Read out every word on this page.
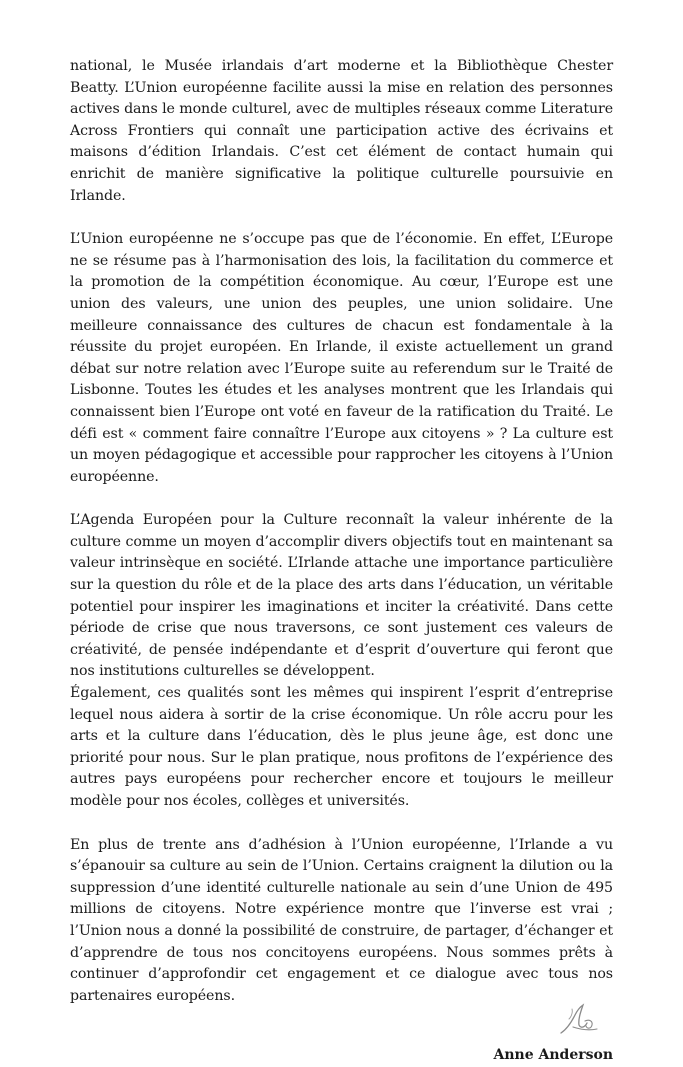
national, le Musée irlandais d’art moderne et la Bibliothèque Chester Beatty. L’Union européenne facilite aussi la mise en relation des personnes actives dans le monde culturel, avec de multiples réseaux comme Literature Across Frontiers qui connaît une participation active des écrivains et maisons d’édition Irlandais. C’est cet élément de contact humain qui enrichit de manière significative la politique culturelle poursuivie en Irlande.

L’Union européenne ne s’occupe pas que de l’économie. En effet, L’Europe ne se résume pas à l’harmonisation des lois, la facilitation du commerce et la promotion de la compétition économique. Au cœur, l’Europe est une union des valeurs, une union des peuples, une union solidaire. Une meilleure connaissance des cultures de chacun est fondamentale à la réussite du projet européen. En Irlande, il existe actuellement un grand débat sur notre relation avec l’Europe suite au referendum sur le Traité de Lisbonne. Toutes les études et les analyses montrent que les Irlandais qui connaissent bien l’Europe ont voté en faveur de la ratification du Traité. Le défi est « comment faire connaître l’Europe aux citoyens » ? La culture est un moyen pédagogique et accessible pour rapprocher les citoyens à l’Union européenne.

L’Agenda Européen pour la Culture reconnaît la valeur inhérente de la culture comme un moyen d’accomplir divers objectifs tout en maintenant sa valeur intrinsèque en société. L’Irlande attache une importance particulière sur la question du rôle et de la place des arts dans l’éducation, un véritable potentiel pour inspirer les imaginations et inciter la créativité. Dans cette période de crise que nous traversons, ce sont justement ces valeurs de créativité, de pensée indépendante et d’esprit d’ouverture qui feront que nos institutions culturelles se développent.

Également, ces qualités sont les mêmes qui inspirent l’esprit d’entreprise lequel nous aidera à sortir de la crise économique. Un rôle accru pour les arts et la culture dans l’éducation, dès le plus jeune âge, est donc une priorité pour nous. Sur le plan pratique, nous profitons de l’expérience des autres pays européens pour rechercher encore et toujours le meilleur modèle pour nos écoles, collèges et universités.

En plus de trente ans d’adhésion à l’Union européenne, l’Irlande a vu s’épanouir sa culture au sein de l’Union. Certains craignent la dilution ou la suppression d’une identité culturelle nationale au sein d’une Union de 495 millions de citoyens. Notre expérience montre que l’inverse est vrai ; l’Union nous a donné la possibilité de construire, de partager, d’échanger et d’apprendre de tous nos concitoyens européens. Nous sommes prêts à continuer d’approfondir cet engagement et ce dialogue avec tous nos partenaires européens.

Anne Anderson
